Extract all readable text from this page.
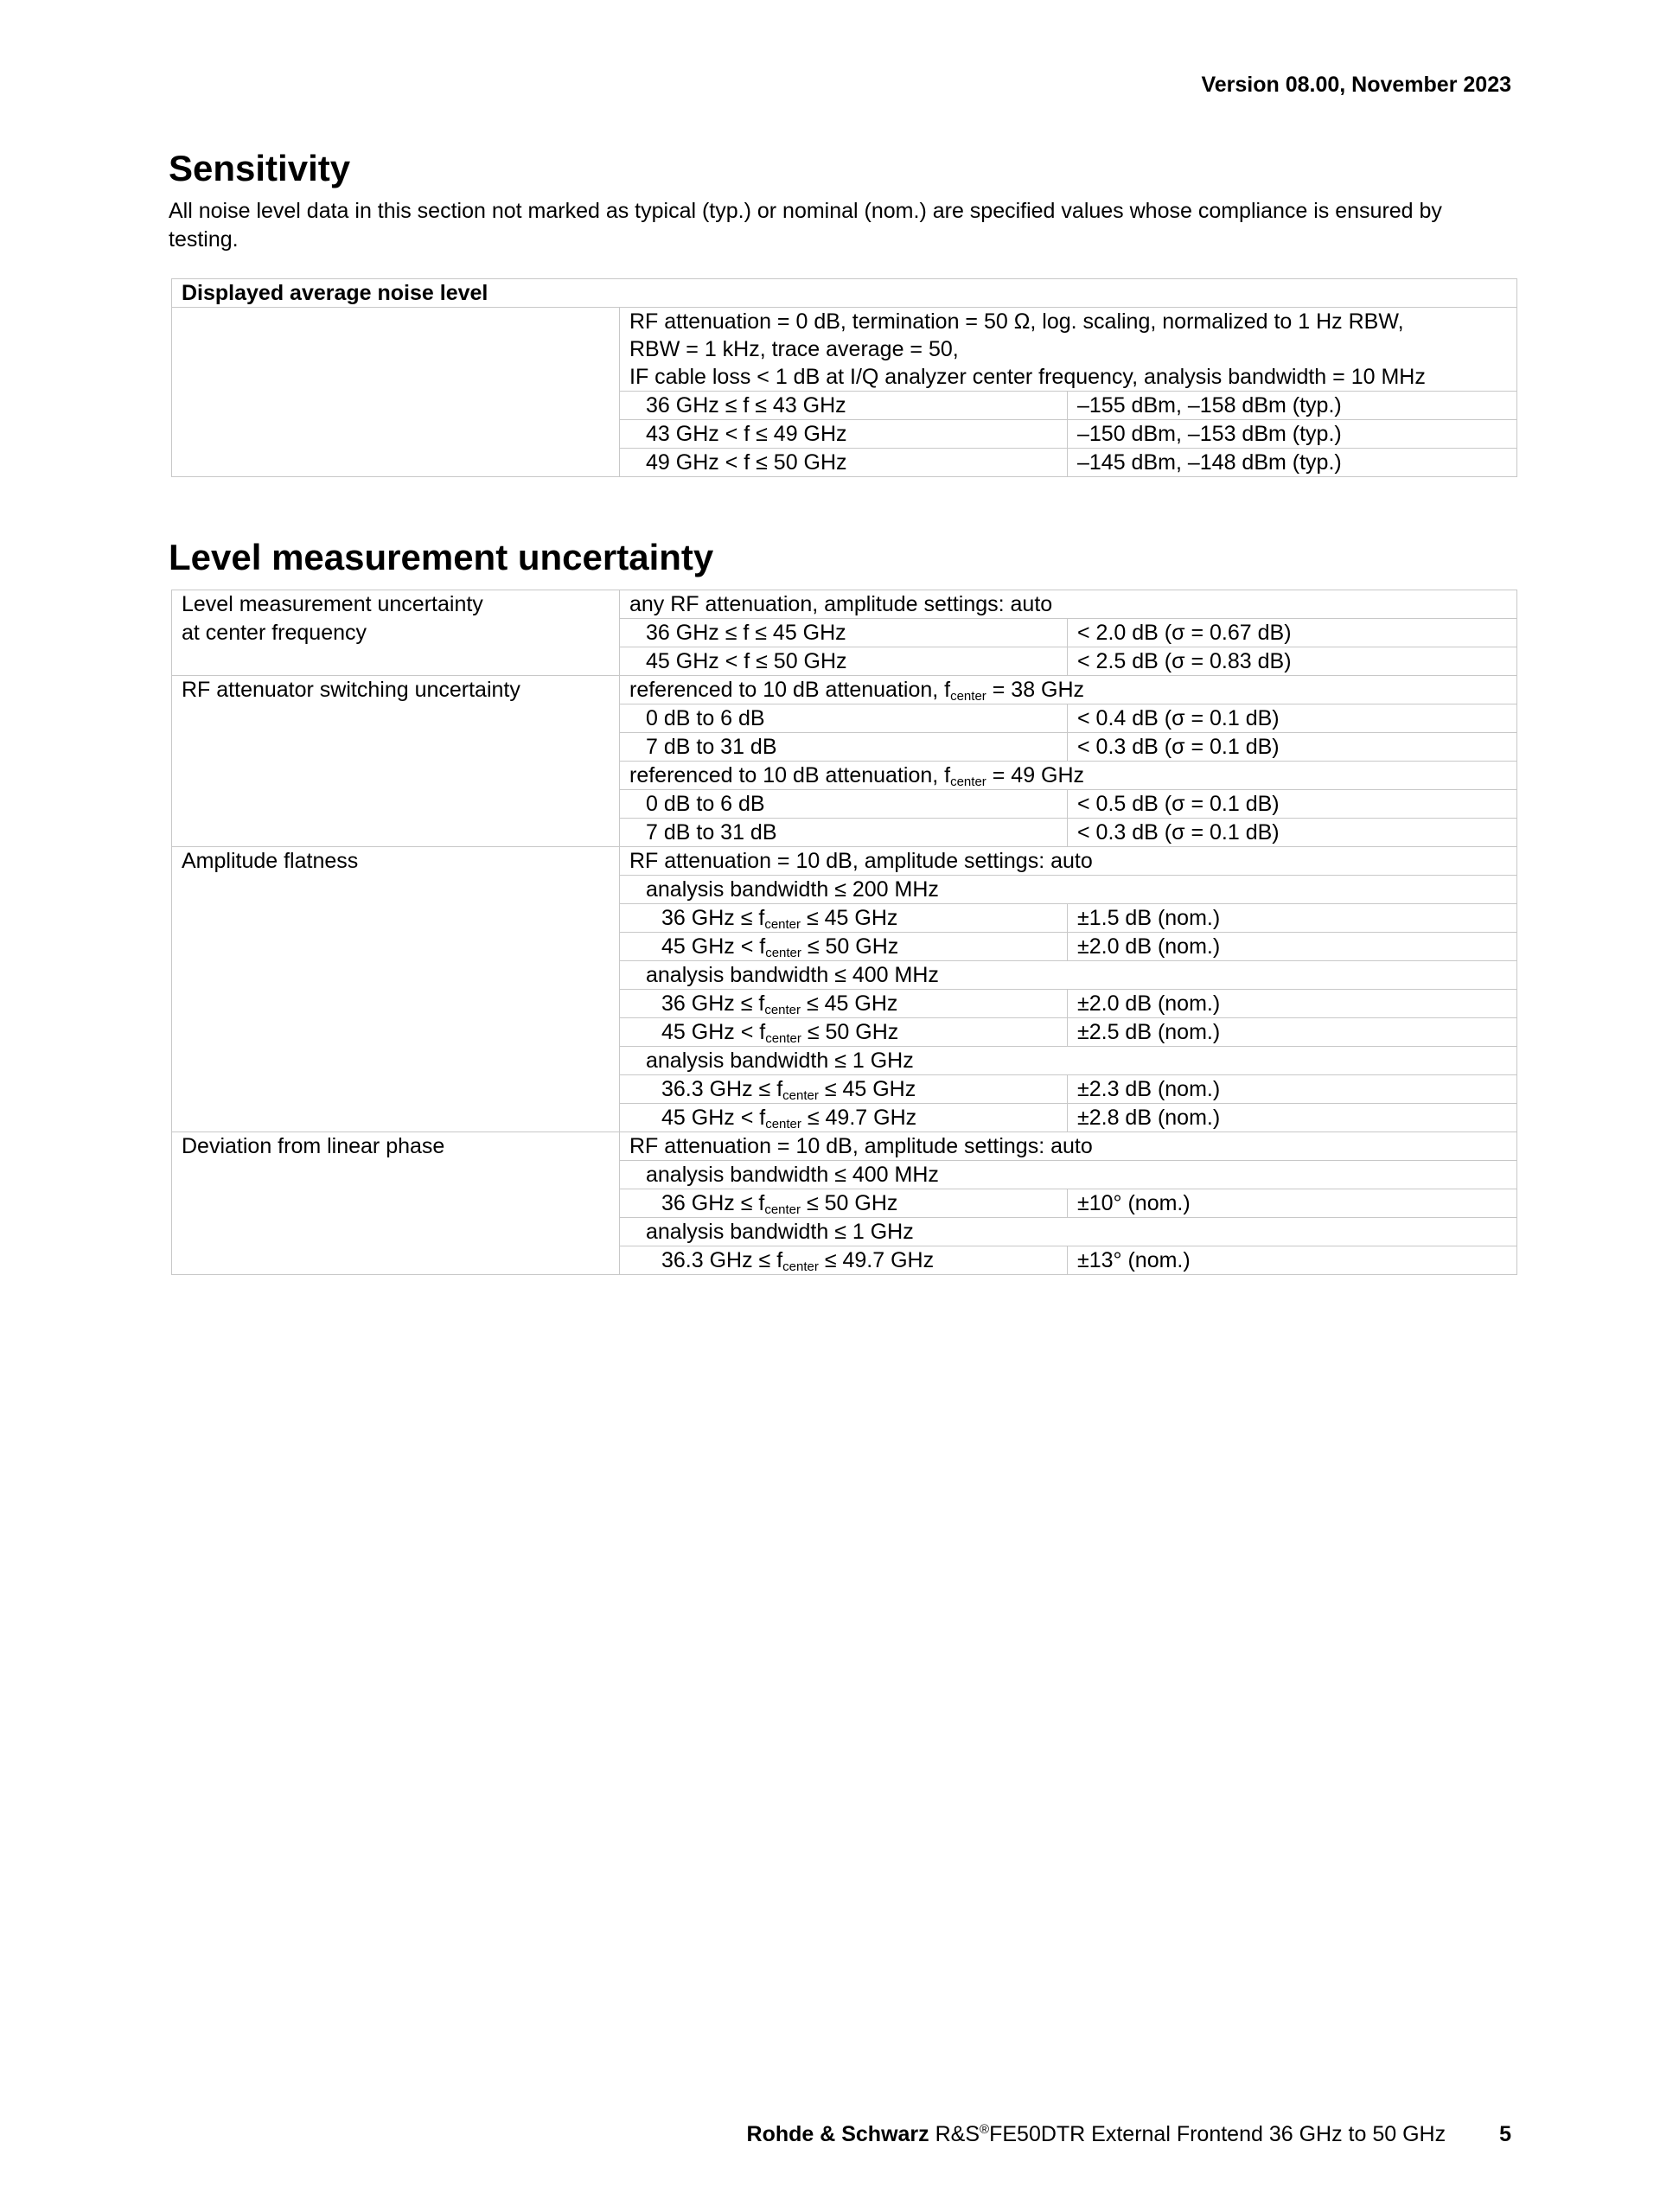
Version 08.00, November 2023
Sensitivity

All noise level data in this section not marked as typical (typ.) or nominal (nom.) are specified values whose compliance is ensured by testing.

Displayed average noise level		

	RF attenuation = 0 dB, termination = 50 Ω, log. scaling, normalized to 1 Hz RBW,
RBW = 1 kHz, trace average = 50,
IF cable loss < 1 dB at I/Q analyzer center frequency, analysis bandwidth = 10 MHz	

	36 GHz ≤ f ≤ 43 GHz	–155 dBm, –158 dBm (typ.)
	43 GHz < f ≤ 49 GHz	–150 dBm, –153 dBm (typ.)
	49 GHz < f ≤ 50 GHz	–145 dBm, –148 dBm (typ.)
Level measurement uncertainty
Level measurement uncertainty
at center frequency	any RF attenuation, amplitude settings: auto	
	36 GHz ≤ f ≤ 45 GHz	< 2.0 dB (σ = 0.67 dB)
	45 GHz < f ≤ 50 GHz	< 2.5 dB (σ = 0.83 dB)
RF attenuator switching uncertainty	referenced to 10 dB attenuation, $f_{center} = 38$ GHz	
	0 dB to 6 dB	< 0.4 dB (σ = 0.1 dB)
	7 dB to 31 dB	< 0.3 dB (σ = 0.1 dB)
	referenced to 10 dB attenuation, $f_{center} = 49$ GHz	
	0 dB to 6 dB	< 0.5 dB (σ = 0.1 dB)
	7 dB to 31 dB	< 0.3 dB (σ = 0.1 dB)
Amplitude flatness	RF attenuation = 10 dB, amplitude settings: auto	
	analysis bandwidth ≤ 200 MHz	
	36 GHz ≤ $f_{center} \le 45$ GHz	±1.5 dB (nom.)
	45 GHz < $f_{center} \le 50$ GHz	±2.0 dB (nom.)
	analysis bandwidth ≤ 400 MHz	
	36 GHz ≤ $f_{center} \le 45$ GHz	±2.0 dB (nom.)
	45 GHz < $f_{center} \le 50$ GHz	±2.5 dB (nom.)
	analysis bandwidth ≤ 1 GHz	
	36.3 GHz ≤ $f_{center} \le 45$ GHz	±2.3 dB (nom.)
	45 GHz < $f_{center} \le 49.7$ GHz	±2.8 dB (nom.)
Deviation from linear phase	RF attenuation = 10 dB, amplitude settings: auto	
	analysis bandwidth ≤ 400 MHz	
	36 GHz ≤ $f_{center} \le 50$ GHz	±10° (nom.)
	analysis bandwidth ≤ 1 GHz	
	36.3 GHz ≤ $f_{center} \le 49.7$ GHz	±13° (nom.)
Rohde & Schwarz R&S®FE50DTR External Frontend 36 GHz to 50 GHz 5
